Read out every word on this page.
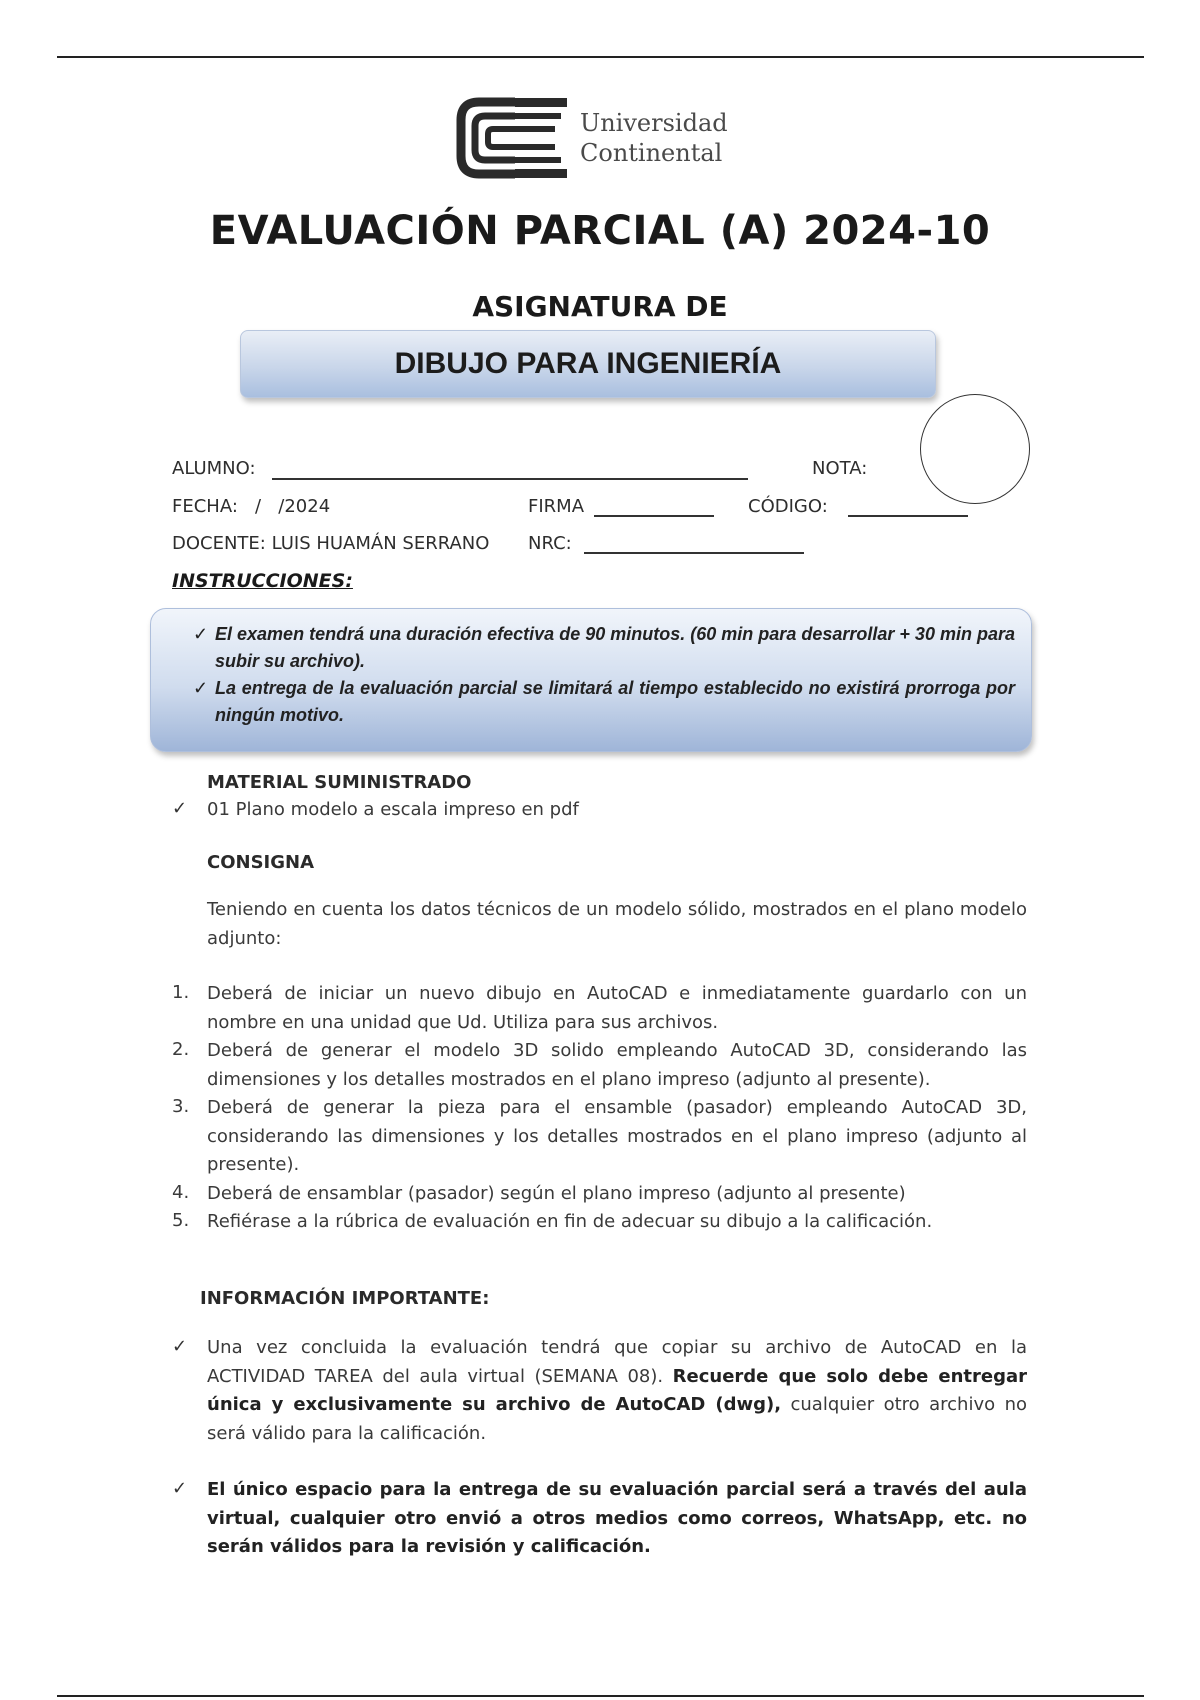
Universidad
Continental
EVALUACIÓN PARCIAL (A) 2024-10
ASIGNATURA DE
DIBUJO PARA INGENIERÍA
ALUMNO:	NOTA:
FECHA:   /   /2024	FIRMA	CÓDIGO:
DOCENTE: LUIS HUAMÁN SERRANO NRC:
INSTRUCCIONES:
✓ El examen tendrá una duración efectiva de 90 minutos. (60 min para desarrollar + 30 min para subir su archivo).
✓ La entrega de la evaluación parcial se limitará al tiempo establecido no existirá prorroga por ningún motivo.
MATERIAL SUMINISTRADO
✓ 01 Plano modelo a escala impreso en pdf
CONSIGNA
Teniendo en cuenta los datos técnicos de un modelo sólido, mostrados en el plano modelo adjunto:
1. Deberá de iniciar un nuevo dibujo en AutoCAD e inmediatamente guardarlo con un nombre en una unidad que Ud. Utiliza para sus archivos.
2. Deberá de generar el modelo 3D solido empleando AutoCAD 3D, considerando las dimensiones y los detalles mostrados en el plano impreso (adjunto al presente).
3. Deberá de generar la pieza para el ensamble (pasador) empleando AutoCAD 3D, considerando las dimensiones y los detalles mostrados en el plano impreso (adjunto al presente).
4. Deberá de ensamblar (pasador) según el plano impreso (adjunto al presente)
5. Refiérase a la rúbrica de evaluación en fin de adecuar su dibujo a la calificación.
INFORMACIÓN IMPORTANTE:
✓ Una vez concluida la evaluación tendrá que copiar su archivo de AutoCAD en la ACTIVIDAD TAREA del aula virtual (SEMANA 08). Recuerde que solo debe entregar única y exclusivamente su archivo de AutoCAD (dwg), cualquier otro archivo no será válido para la calificación.
✓ El único espacio para la entrega de su evaluación parcial será a través del aula virtual, cualquier otro envió a otros medios como correos, WhatsApp, etc. no serán válidos para la revisión y calificación.
